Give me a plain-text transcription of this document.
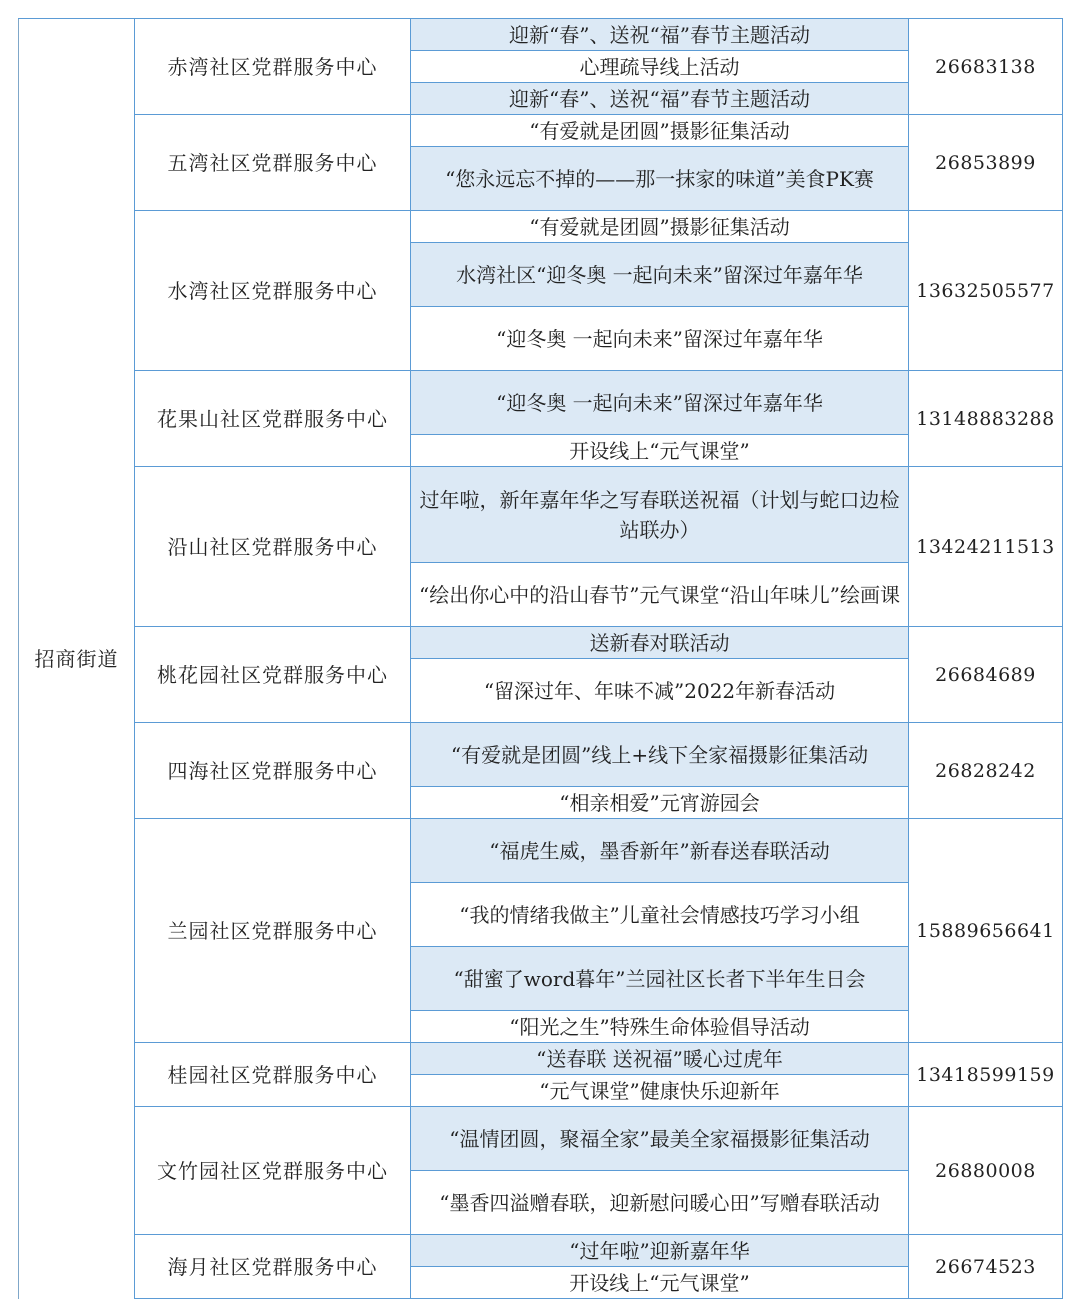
招商街道	赤湾社区党群服务中心	迎新“春”、送祝“福”春节主题活动	26683138
		心理疏导线上活动	
		迎新“春”、送祝“福”春节主题活动	
	五湾社区党群服务中心	“有爱就是团圆”摄影征集活动	26853899
		“您永远忘不掉的——那一抹家的味道”美食PK赛	
	水湾社区党群服务中心	“有爱就是团圆”摄影征集活动	13632505577
		水湾社区“迎冬奥 一起向未来”留深过年嘉年华	
		“迎冬奥 一起向未来”留深过年嘉年华	
	花果山社区党群服务中心	“迎冬奥 一起向未来”留深过年嘉年华	13148883288
		开设线上“元气课堂”	
	沿山社区党群服务中心	过年啦，新年嘉年华之写春联送祝福（计划与蛇口边检站联办）	13424211513
		“绘出你心中的沿山春节”元气课堂“沿山年味儿”绘画课	
	桃花园社区党群服务中心	送新春对联活动	26684689
		“留深过年、年味不减”2022年新春活动	
	四海社区党群服务中心	“有爱就是团圆”线上+线下全家福摄影征集活动	26828242
		“相亲相爱”元宵游园会	
	兰园社区党群服务中心	“福虎生威，墨香新年”新春送春联活动	15889656641
		“我的情绪我做主”儿童社会情感技巧学习小组	
		“甜蜜了word暮年”兰园社区长者下半年生日会	
		“阳光之生”特殊生命体验倡导活动	
	桂园社区党群服务中心	“送春联 送祝福”暖心过虎年	13418599159
		“元气课堂”健康快乐迎新年	
	文竹园社区党群服务中心	“温情团圆，聚福全家”最美全家福摄影征集活动	26880008
		“墨香四溢赠春联，迎新慰问暖心田”写赠春联活动	
	海月社区党群服务中心	“过年啦”迎新嘉年华	26674523
		开设线上“元气课堂”	
